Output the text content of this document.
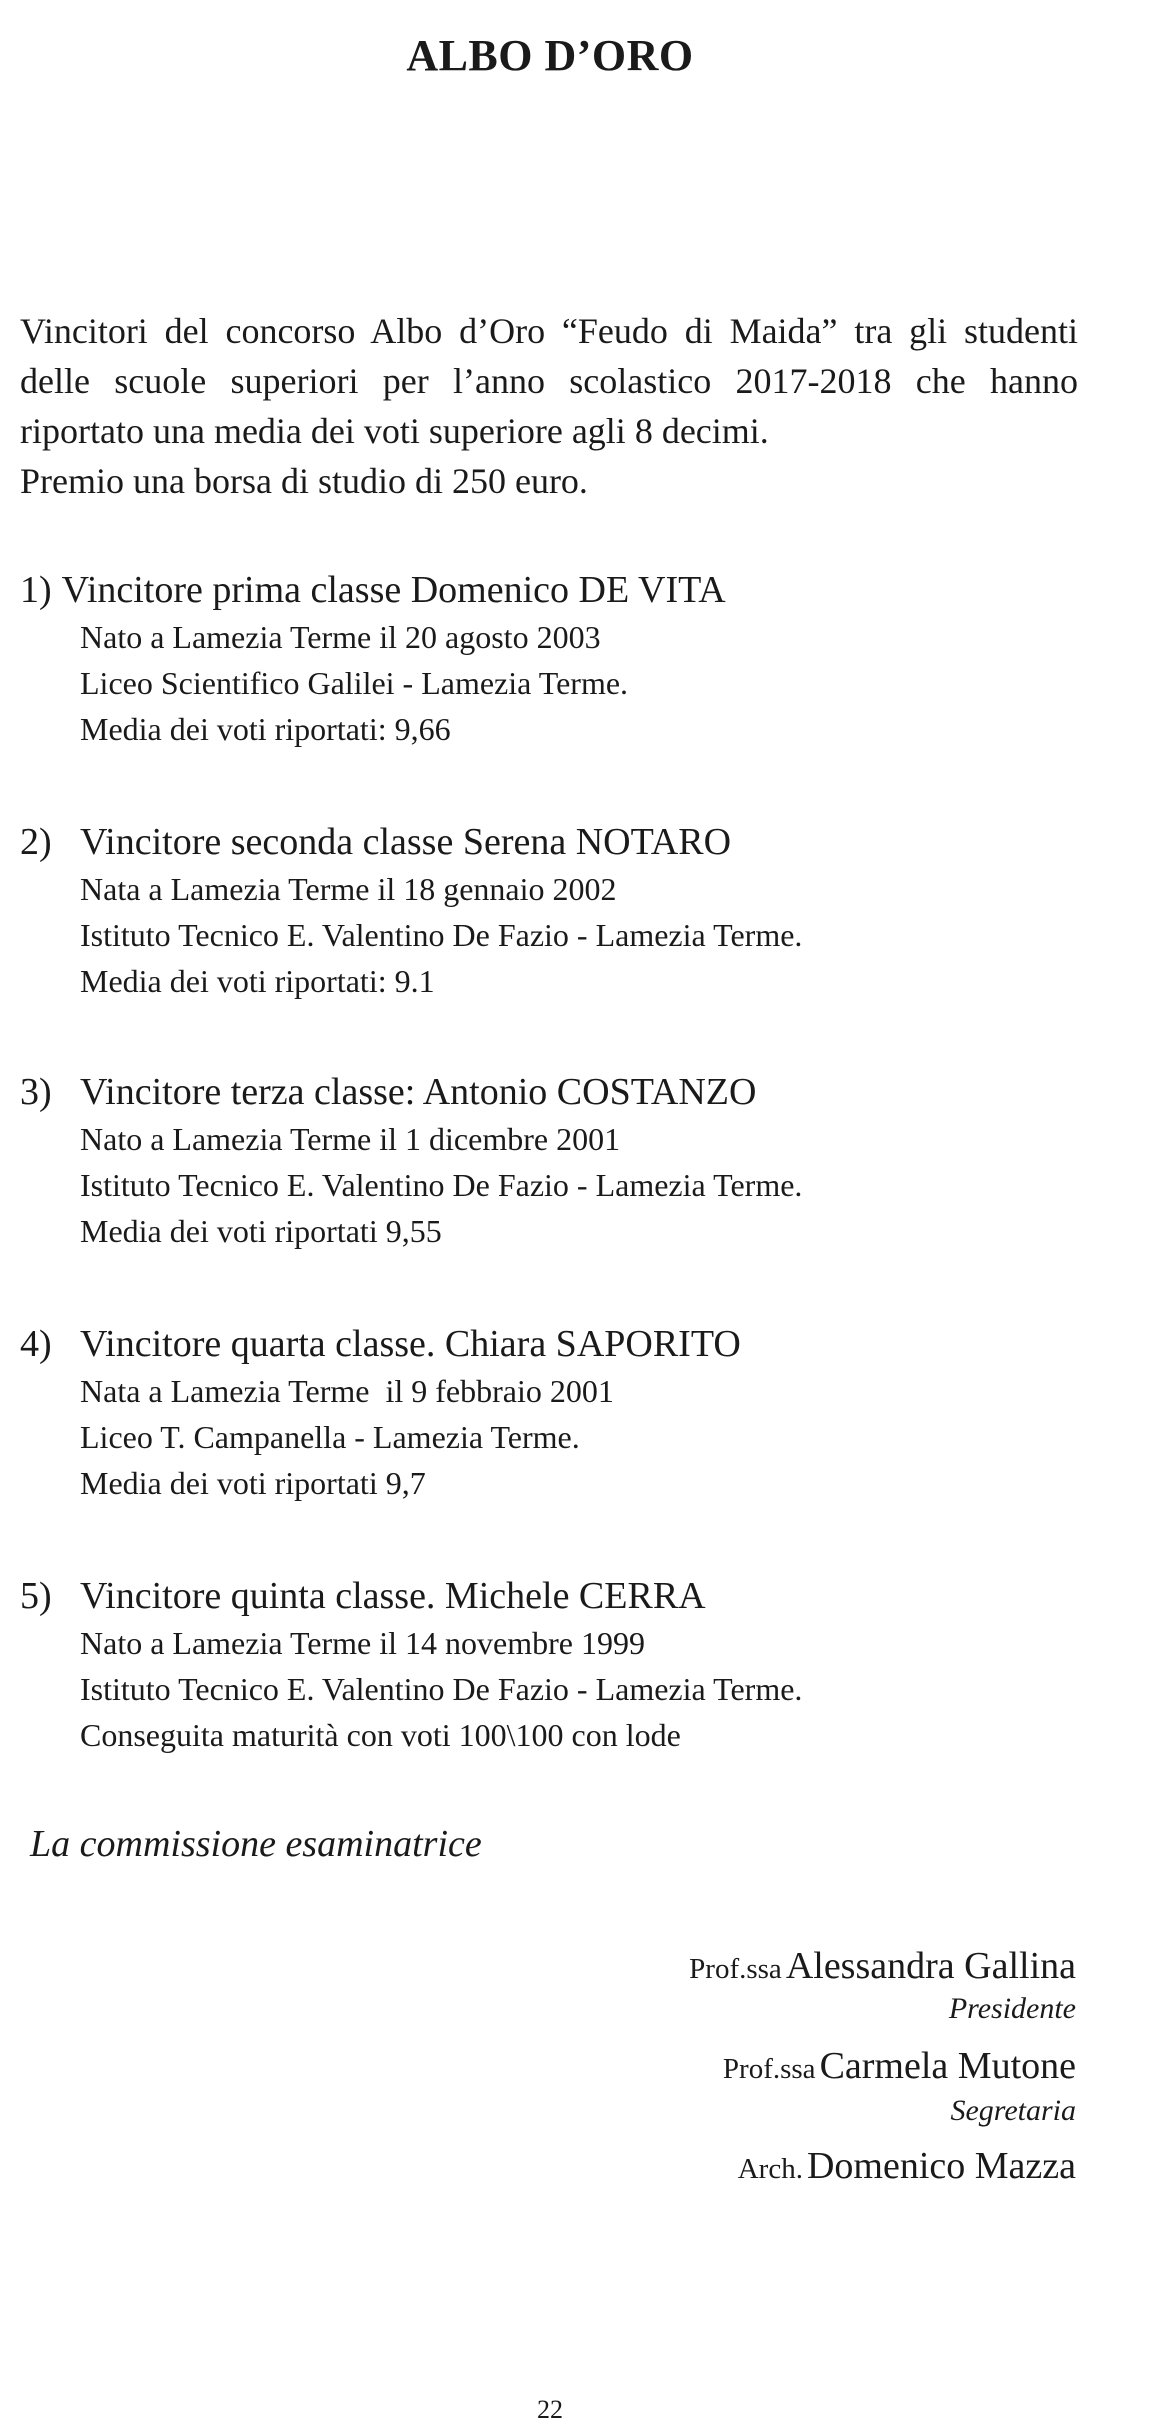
ALBO D’ORO

Vincitori del concorso Albo d’Oro “Feudo di Maida” tra gli studenti delle scuole superiori per l’anno scolastico 2017-2018 che hanno riportato una media dei voti superiore agli 8 decimi.

Premio una borsa di studio di 250 euro.

1) Vincitore prima classe Domenico DE VITA
Nato a Lamezia Terme il 20 agosto 2003
Liceo Scientifico Galilei - Lamezia Terme.
Media dei voti riportati: 9,66
2) Vincitore seconda classe Serena NOTARO
Nata a Lamezia Terme il 18 gennaio 2002
Istituto Tecnico E. Valentino De Fazio - Lamezia Terme.
Media dei voti riportati: 9.1
3) Vincitore terza classe: Antonio COSTANZO
Nato a Lamezia Terme il 1 dicembre 2001
Istituto Tecnico E. Valentino De Fazio - Lamezia Terme.
Media dei voti riportati 9,55
4) Vincitore quarta classe. Chiara SAPORITO
Nata a Lamezia Terme  il 9 febbraio 2001
Liceo T. Campanella - Lamezia Terme.
Media dei voti riportati 9,7
5) Vincitore quinta classe. Michele CERRA
Nato a Lamezia Terme il 14 novembre 1999
Istituto Tecnico E. Valentino De Fazio - Lamezia Terme.
Conseguita maturità con voti 100\100 con lode
La commissione esaminatrice
Prof.ssa Alessandra Gallina
Presidente
Prof.ssa Carmela Mutone
Segretaria
Arch. Domenico Mazza
22
